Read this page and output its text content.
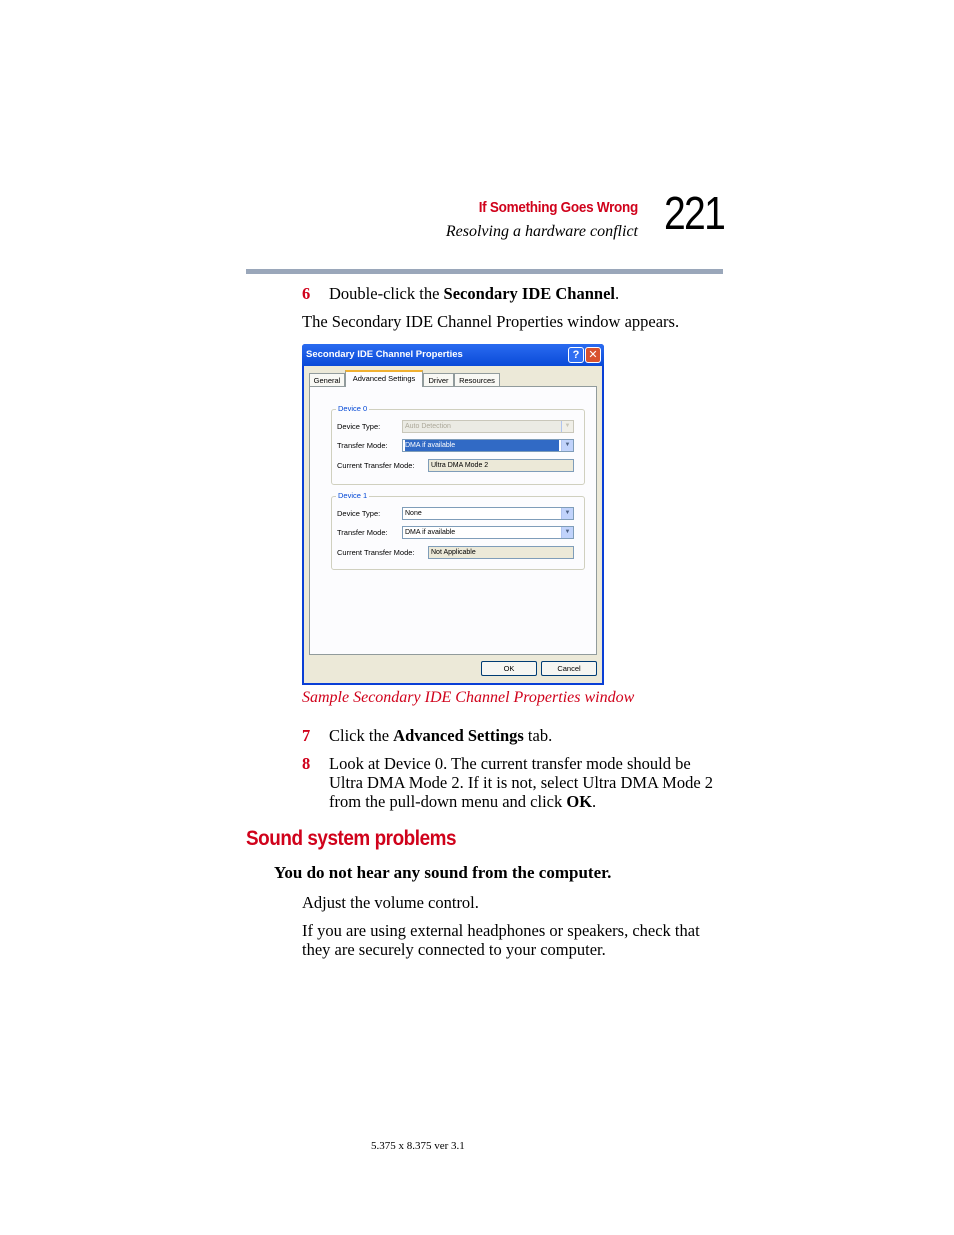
If Something Goes Wrong
Resolving a hardware conflict 221
6 Double-click the Secondary IDE Channel.
The Secondary IDE Channel Properties window appears.
Secondary IDE Channel Properties	? ✕
General	Advanced Settings	Driver	Resources
Device 0
Device Type:	Auto Detection	▼
Transfer Mode: DMA if available	▼
Current Transfer Mode:	Ultra DMA Mode 2
Device 1
Device Type:	None	▼
Transfer Mode:	DMA if available	▼
Current Transfer Mode:	Not Applicable
OK	Cancel
Sample Secondary IDE Channel Properties window
7 Click the Advanced Settings tab.
8 Look at Device 0. The current transfer mode should be Ultra DMA Mode 2. If it is not, select Ultra DMA Mode 2 from the pull-down menu and click OK.
Sound system problems
You do not hear any sound from the computer.
Adjust the volume control.
If you are using external headphones or speakers, check that they are securely connected to your computer.
5.375 x 8.375 ver 3.1
